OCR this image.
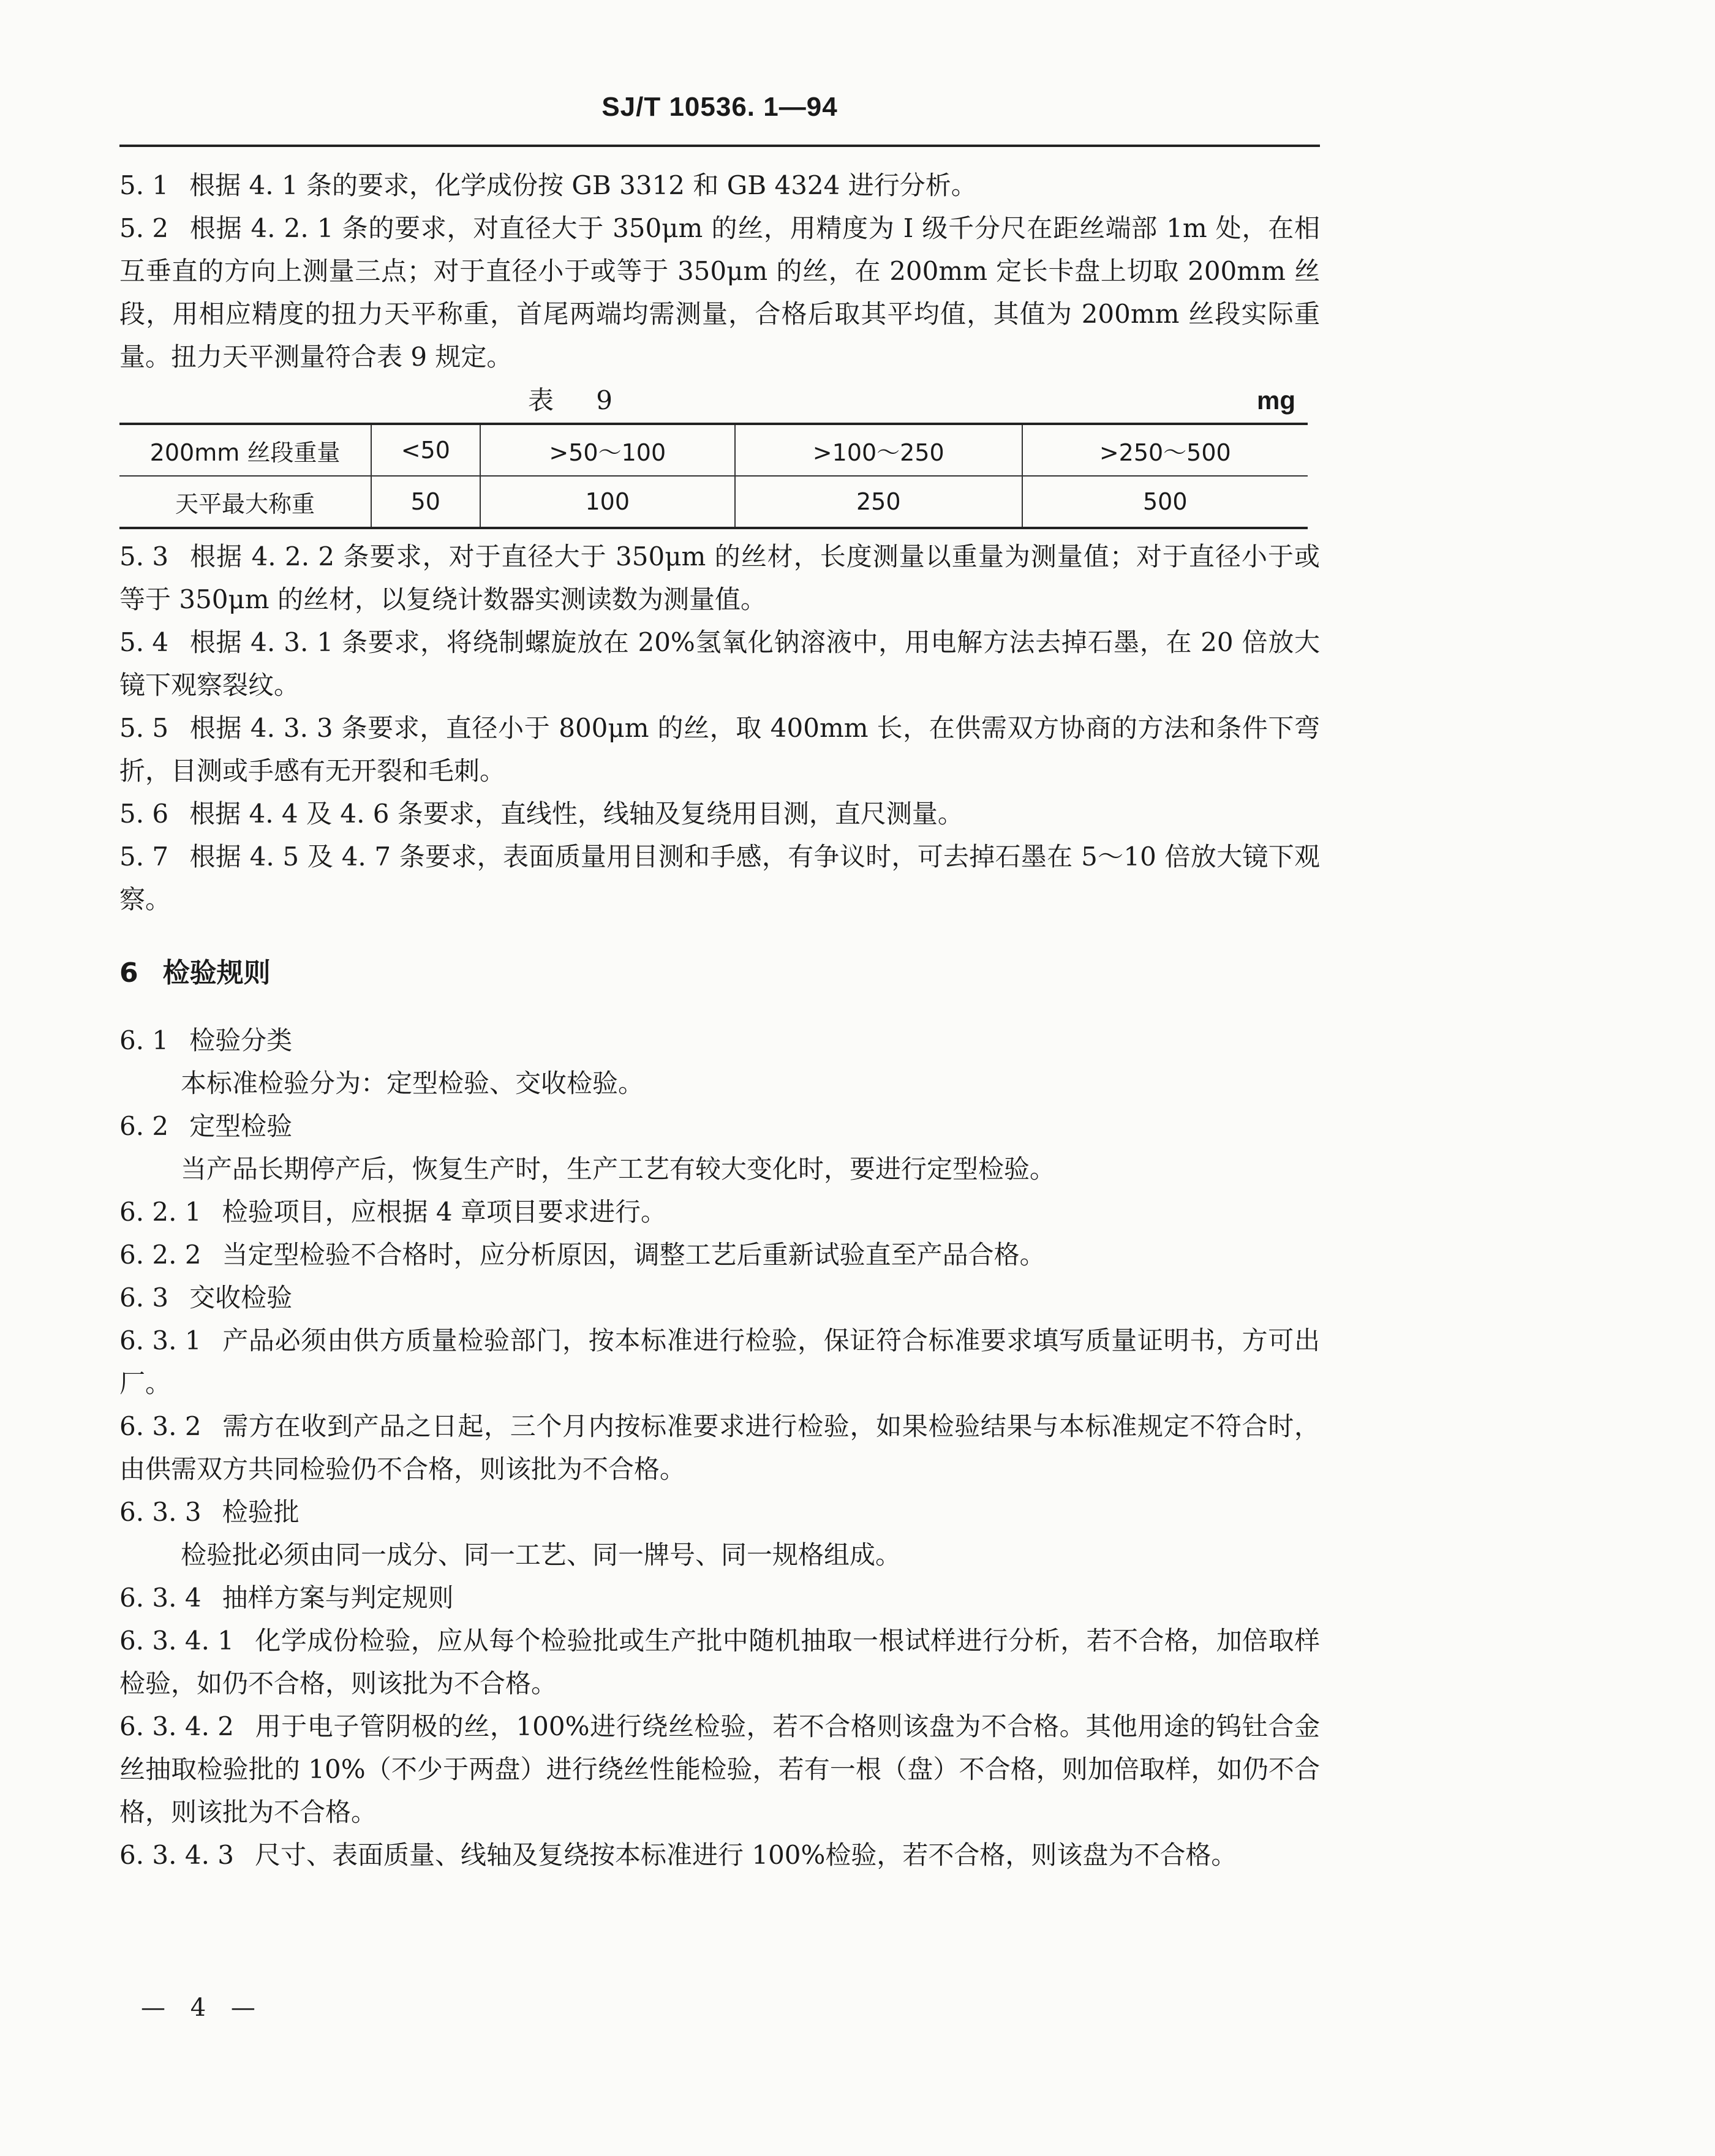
SJ/T 10536. 1—94

5. 1 根据 4. 1 条的要求，化学成份按 GB 3312 和 GB 4324 进行分析。

5. 2 根据 4. 2. 1 条的要求，对直径大于 350μm 的丝，用精度为 I 级千分尺在距丝端部 1m 处，在相互垂直的方向上测量三点；对于直径小于或等于 350μm 的丝，在 200mm 定长卡盘上切取 200mm 丝段，用相应精度的扭力天平称重，首尾两端均需测量，合格后取其平均值，其值为 200mm 丝段实际重量。扭力天平测量符合表 9 规定。

表 9	mg
200mm 丝段重量	<50	>50～100	>100～250	>250～500
天平最大称重	50	100	250	500

5. 3 根据 4. 2. 2 条要求，对于直径大于 350μm 的丝材，长度测量以重量为测量值；对于直径小于或等于 350μm 的丝材，以复绕计数器实测读数为测量值。

5. 4 根据 4. 3. 1 条要求，将绕制螺旋放在 20%氢氧化钠溶液中，用电解方法去掉石墨，在 20 倍放大镜下观察裂纹。

5. 5 根据 4. 3. 3 条要求，直径小于 800μm 的丝，取 400mm 长，在供需双方协商的方法和条件下弯折，目测或手感有无开裂和毛刺。

5. 6 根据 4. 4 及 4. 6 条要求，直线性，线轴及复绕用目测，直尺测量。

5. 7 根据 4. 5 及 4. 7 条要求，表面质量用目测和手感，有争议时，可去掉石墨在 5～10 倍放大镜下观察。

6 检验规则

6. 1 检验分类

本标准检验分为：定型检验、交收检验。

6. 2 定型检验

当产品长期停产后，恢复生产时，生产工艺有较大变化时，要进行定型检验。

6. 2. 1 检验项目，应根据 4 章项目要求进行。

6. 2. 2 当定型检验不合格时，应分析原因，调整工艺后重新试验直至产品合格。

6. 3 交收检验

6. 3. 1 产品必须由供方质量检验部门，按本标准进行检验，保证符合标准要求填写质量证明书，方可出厂。

6. 3. 2 需方在收到产品之日起，三个月内按标准要求进行检验，如果检验结果与本标准规定不符合时，由供需双方共同检验仍不合格，则该批为不合格。

6. 3. 3 检验批

检验批必须由同一成分、同一工艺、同一牌号、同一规格组成。

6. 3. 4 抽样方案与判定规则

6. 3. 4. 1 化学成份检验，应从每个检验批或生产批中随机抽取一根试样进行分析，若不合格，加倍取样检验，如仍不合格，则该批为不合格。

6. 3. 4. 2 用于电子管阴极的丝，100%进行绕丝检验，若不合格则该盘为不合格。其他用途的钨钍合金丝抽取检验批的 10%（不少于两盘）进行绕丝性能检验，若有一根（盘）不合格，则加倍取样，如仍不合格，则该批为不合格。

6. 3. 4. 3 尺寸、表面质量、线轴及复绕按本标准进行 100%检验，若不合格，则该盘为不合格。

— 4 —
